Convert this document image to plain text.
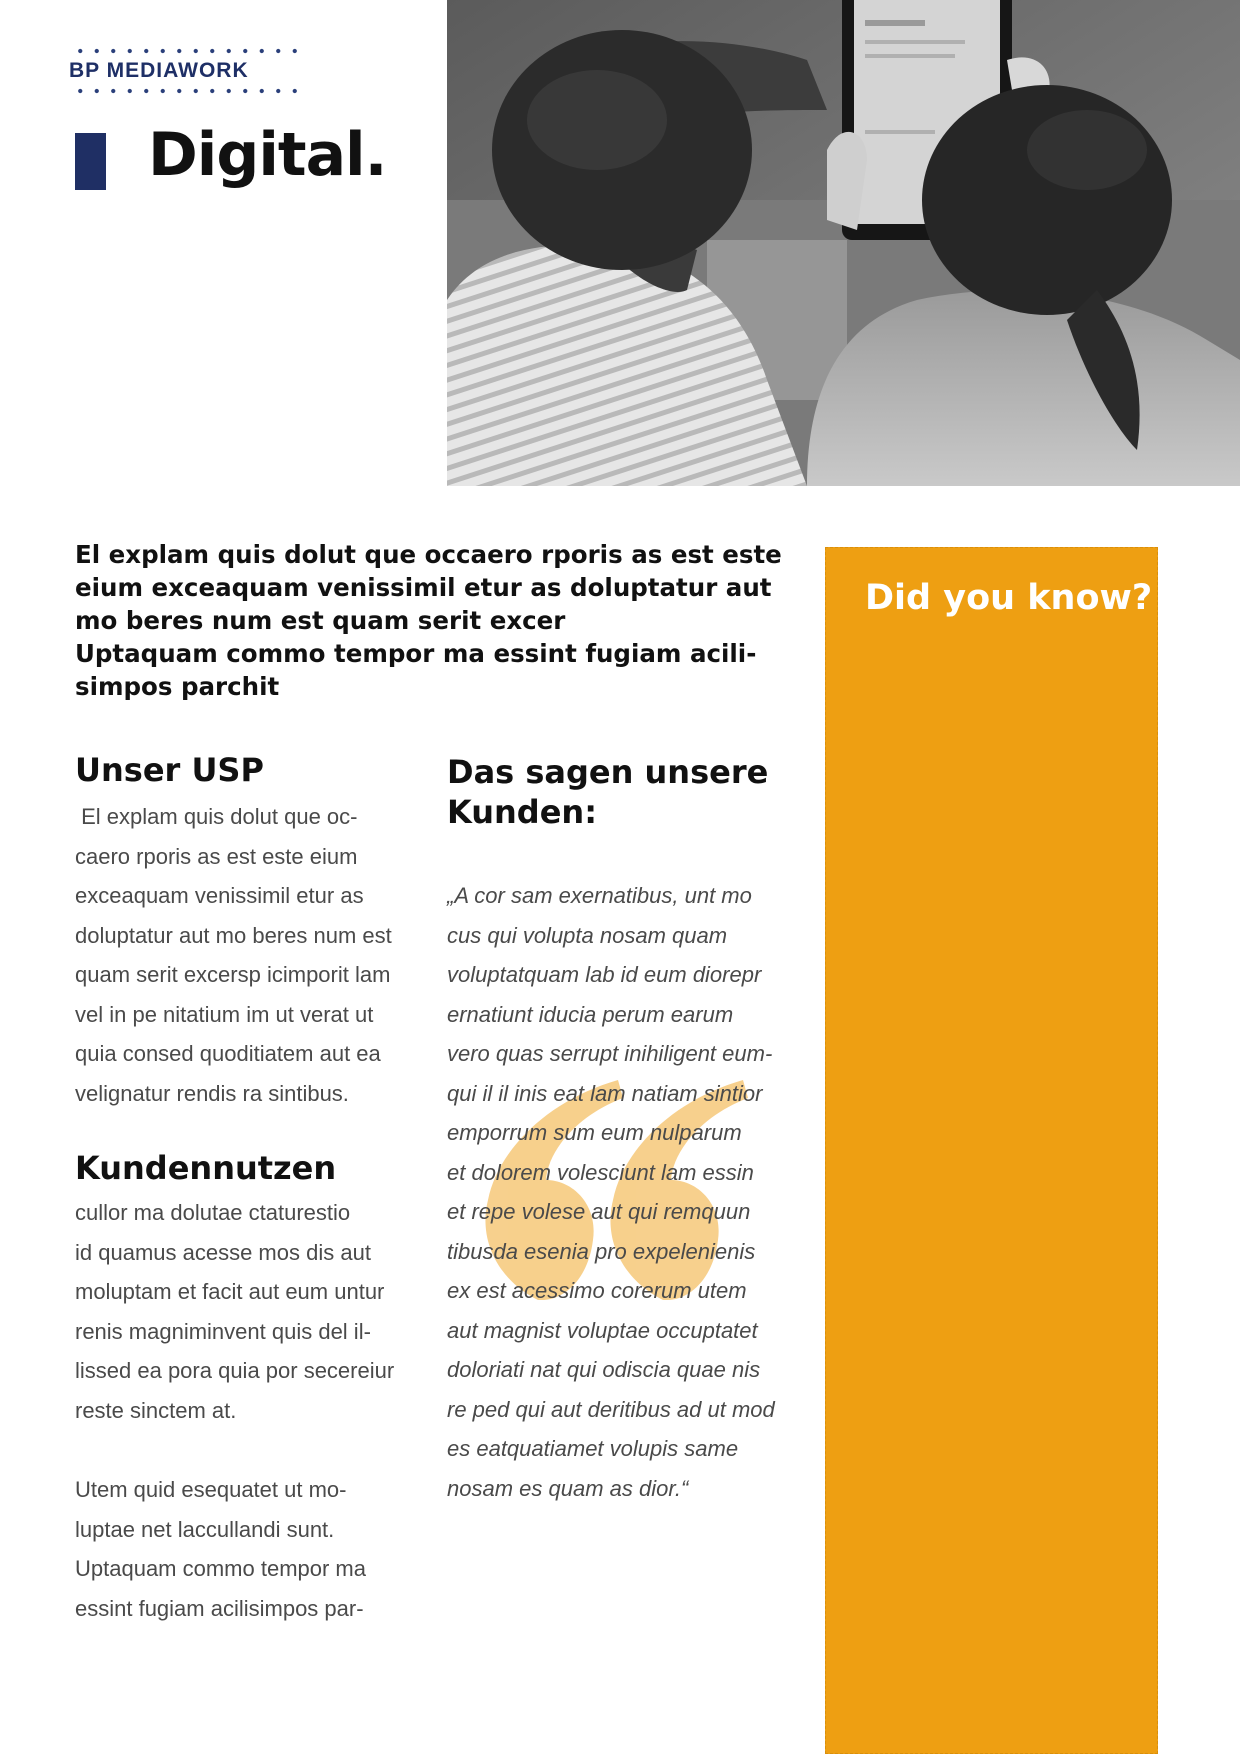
BP MEDIAWORK
Digital.

El explam quis dolut que occaero rporis as est este
eium exceaquam venissimil etur as doluptatur aut
mo beres num est quam serit excer
Uptaquam commo tempor ma essint fugiam acili-
simpos parchit

Unser USP

El explam quis dolut que oc-
caero rporis as est este eium
exceaquam venissimil etur as
doluptatur aut mo beres num est
quam serit excersp icimporit lam
vel in pe nitatium im ut verat ut
quia consed quoditiatem aut ea
velignatur rendis ra sintibus.

Kundennutzen

cullor ma dolutae ctaturestio
id quamus acesse mos dis aut
moluptam et facit aut eum untur
renis magniminvent quis del il-
lissed ea pora quia por secereiur
reste sinctem at.

Utem quid esequatet ut mo-
luptae net laccullandi sunt.
Uptaquam commo tempor ma
essint fugiam acilisimpos par-

Das sagen unsere Kunden:

„A cor sam exernatibus, unt mo
cus qui volupta nosam quam
voluptatquam lab id eum diorepr
ernatiunt iducia perum earum
vero quas serrupt inihiligent eum-
qui il il inis eat lam natiam sintior
emporrum sum eum nulparum
et dolorem volesciunt lam essin
et repe volese aut qui remquun
tibusda esenia pro expelenienis
ex est acessimo corerum utem
aut magnist voluptae occuptatet
doloriati nat qui odiscia quae nis
re ped qui aut deritibus ad ut mod
es eatquatiamet volupis same
nosam es quam as dior.“

Did you know?
